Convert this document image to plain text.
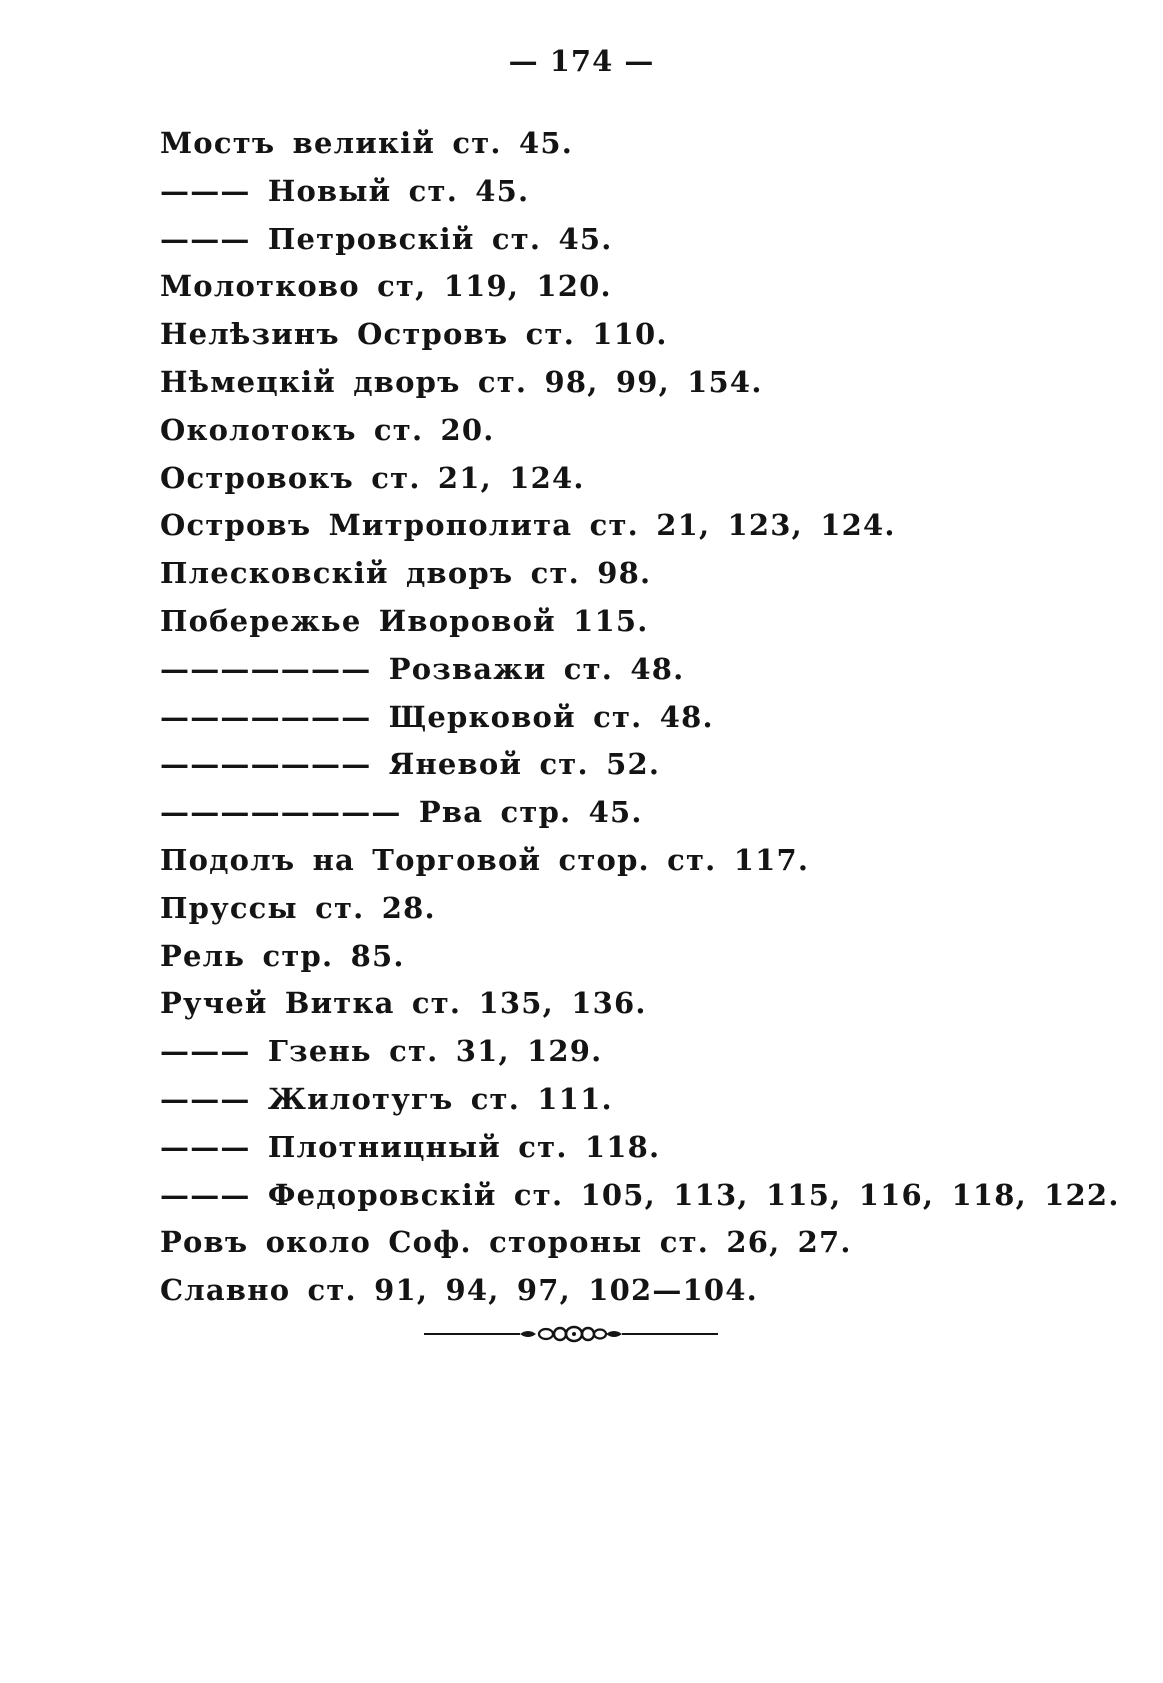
— 174 —
Мостъ великій ст. 45.
——— Новый ст. 45.
——— Петровскій ст. 45.
Молотково ст, 119, 120.
Нелѣзинъ Островъ ст. 110.
Нѣмецкій дворъ ст. 98, 99, 154.
Околотокъ ст. 20.
Островокъ ст. 21, 124.
Островъ Митрополита ст. 21, 123, 124.
Плесковскій дворъ ст. 98.
Побережье Иворовой 115.
——————— Розважи ст. 48.
——————— Щерковой ст. 48.
——————— Яневой ст. 52.
———————— Рва стр. 45.
Подолъ на Торговой стор. ст. 117.
Пруссы ст. 28.
Рель стр. 85.
Ручей Витка ст. 135, 136.
——— Гзень ст. 31, 129.
——— Жилотугъ ст. 111.
——— Плотницный ст. 118.
——— Федоровскій ст. 105, 113, 115, 116, 118, 122.
Ровъ около Соф. стороны ст. 26, 27.
Славно ст. 91, 94, 97, 102—104.
